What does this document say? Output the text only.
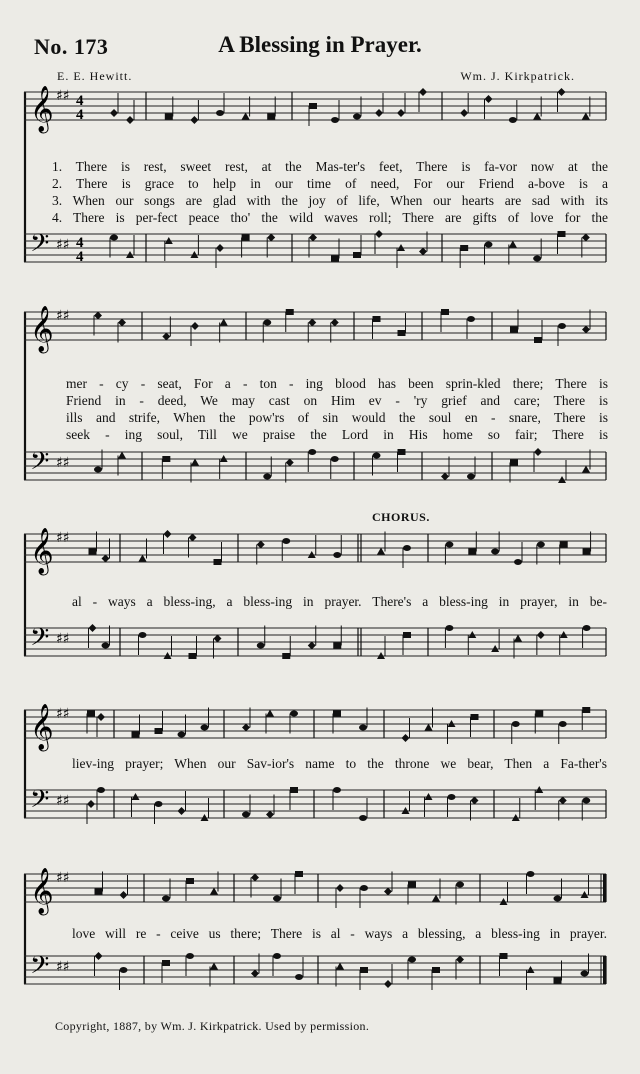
No. 173	A Blessing in Prayer.
E. E. Hewitt.	Wm. J. Kirkpatrick.
𝄞 ♯♯ 4
4
𝄢 ♯♯ 4
4
1. There is rest, sweet rest, at the Mas-ter's feet, There is fa-vor now at the
2. There is grace to help in our time of need, For our Friend a-bove is a
3. When our songs are glad with the joy of life, When our hearts are sad with its
4. There is per-fect peace tho' the wild waves roll; There are gifts of love for the
𝄞 ♯♯
𝄢 ♯♯
mer - cy - seat, For a - ton - ing blood has been sprin-kled there; There is
Friend in - deed, We may cast on Him ev - 'ry grief and care; There is
ills and strife, When the pow'rs of sin would the soul en - snare, There is
seek - ing soul, Till we praise the Lord in His home so fair; There is
𝄞 ♯♯
𝄢 ♯♯
CHORUS.
al - ways a bless-ing, a bless-ing in prayer. There's a bless-ing in prayer, in be-
𝄞 ♯♯
𝄢 ♯♯
liev-ing prayer; When our Sav-ior's name to the throne we bear, Then a Fa-ther's
𝄞 ♯♯
𝄢 ♯♯
love will re - ceive us there; There is al - ways a blessing, a bless-ing in prayer.
Copyright, 1887, by Wm. J. Kirkpatrick. Used by permission.
